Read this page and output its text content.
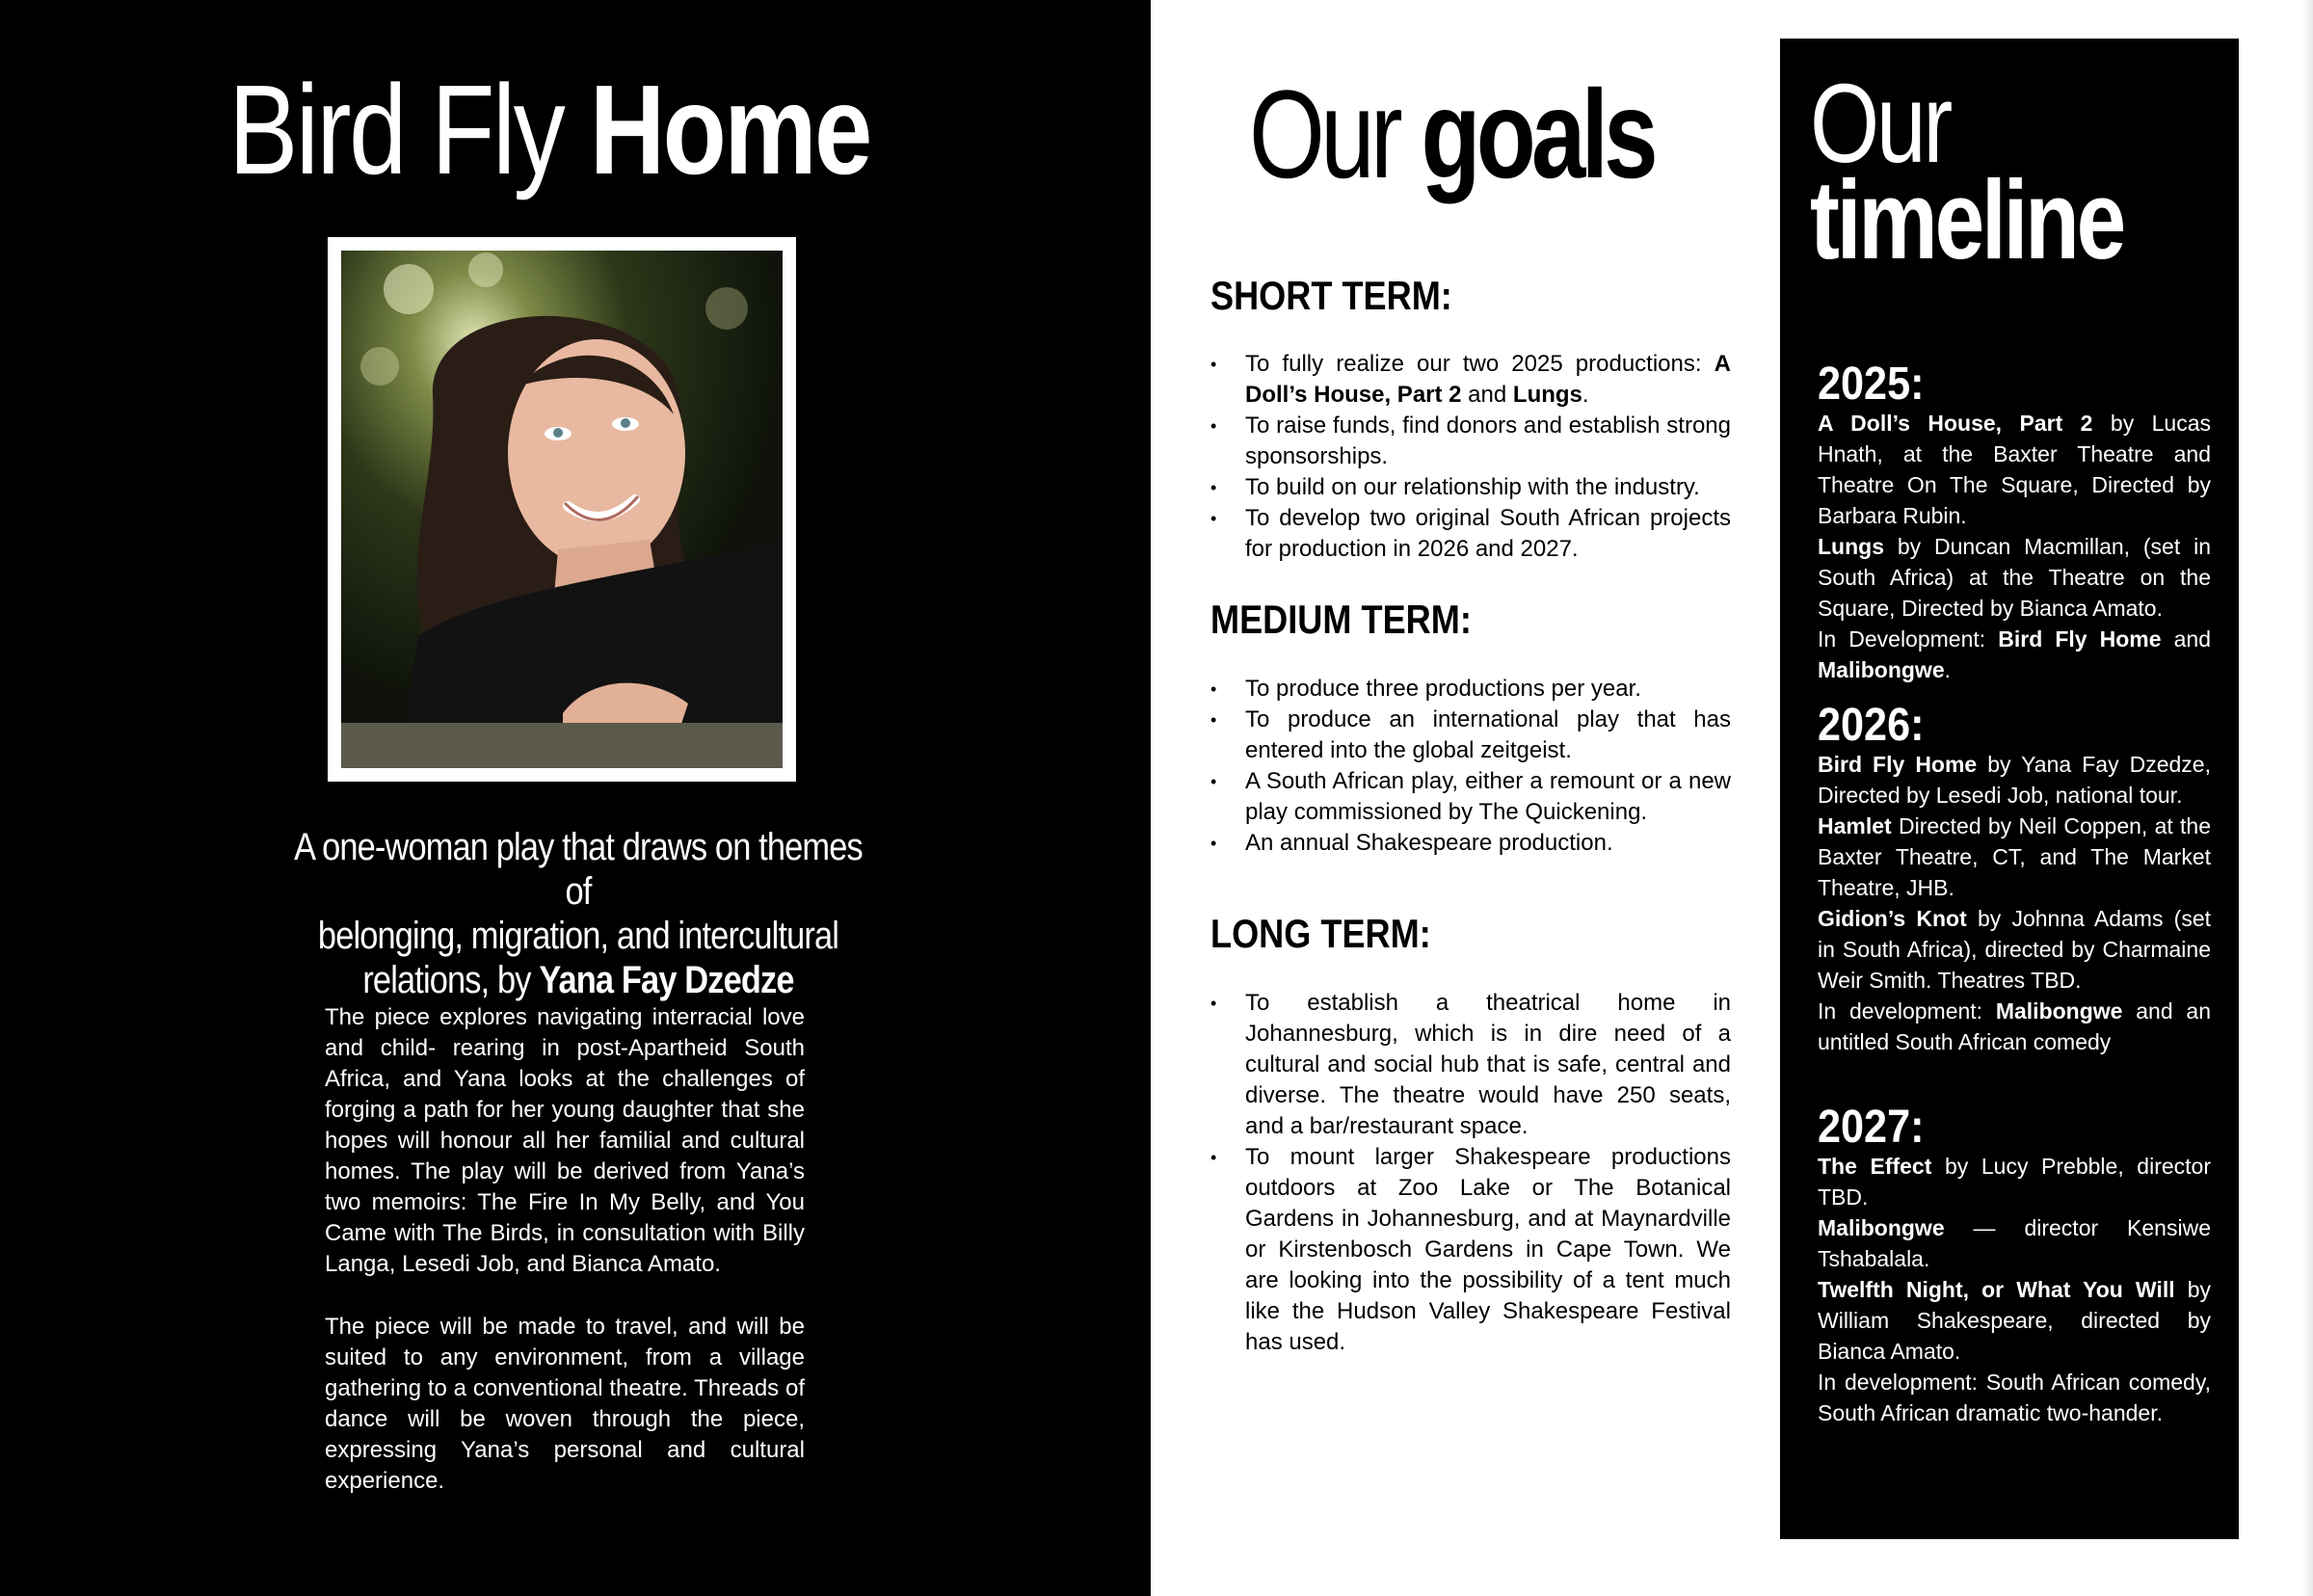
Bird Fly Home
A one-woman play that draws on themes of
belonging, migration, and intercultural
relations, by Yana Fay Dzedze
The piece explores navigating interracial love and child- rearing in post-Apartheid South Africa, and Yana looks at the challenges of forging a path for her young daughter that she hopes will honour all her familial and cultural homes. The play will be derived from Yana’s two memoirs: The Fire In My Belly, and You Came with The Birds, in consultation with Billy Langa, Lesedi Job, and Bianca Amato.
The piece will be made to travel, and will be suited to any environment, from a village gathering to a conventional theatre. Threads of dance will be woven through the piece, expressing Yana’s personal and cultural experience.
Our goals
SHORT TERM:
• To fully realize our two 2025 productions: A Doll’s House, Part 2 and Lungs.
• To raise funds, find donors and establish strong sponsorships.
• To build on our relationship with the industry.
• To develop two original South African projects for production in 2026 and 2027.
MEDIUM TERM:
• To produce three productions per year.
• To produce an international play that has entered into the global zeitgeist.
• A South African play, either a remount or a new play commissioned by The Quickening.
• An annual Shakespeare production.
LONG TERM:
• To establish a theatrical home in Johannesburg, which is in dire need of a cultural and social hub that is safe, central and diverse. The theatre would have 250 seats, and a bar/restaurant space.
• To mount larger Shakespeare productions outdoors at Zoo Lake or The Botanical Gardens in Johannesburg, and at Maynardville or Kirstenbosch Gardens in Cape Town. We are looking into the possibility of a tent much like the Hudson Valley Shakespeare Festival has used.
Our
timeline
2025:
A Doll’s House, Part 2 by Lucas Hnath, at the Baxter Theatre and Theatre On The Square, Directed by Barbara Rubin.
Lungs by Duncan Macmillan, (set in South Africa) at the Theatre on the Square, Directed by Bianca Amato.
In Development: Bird Fly Home and Malibongwe.
2026:
Bird Fly Home by Yana Fay Dzedze, Directed by Lesedi Job, national tour.
Hamlet Directed by Neil Coppen, at the Baxter Theatre, CT, and The Market Theatre, JHB.
Gidion’s Knot by Johnna Adams (set in South Africa), directed by Charmaine Weir Smith. Theatres TBD.
In development: Malibongwe and an untitled South African comedy
2027:
The Effect by Lucy Prebble, director TBD.
Malibongwe — director Kensiwe Tshabalala.
Twelfth Night, or What You Will by William Shakespeare, directed by Bianca Amato.
In development: South African comedy, South African dramatic two-hander.
